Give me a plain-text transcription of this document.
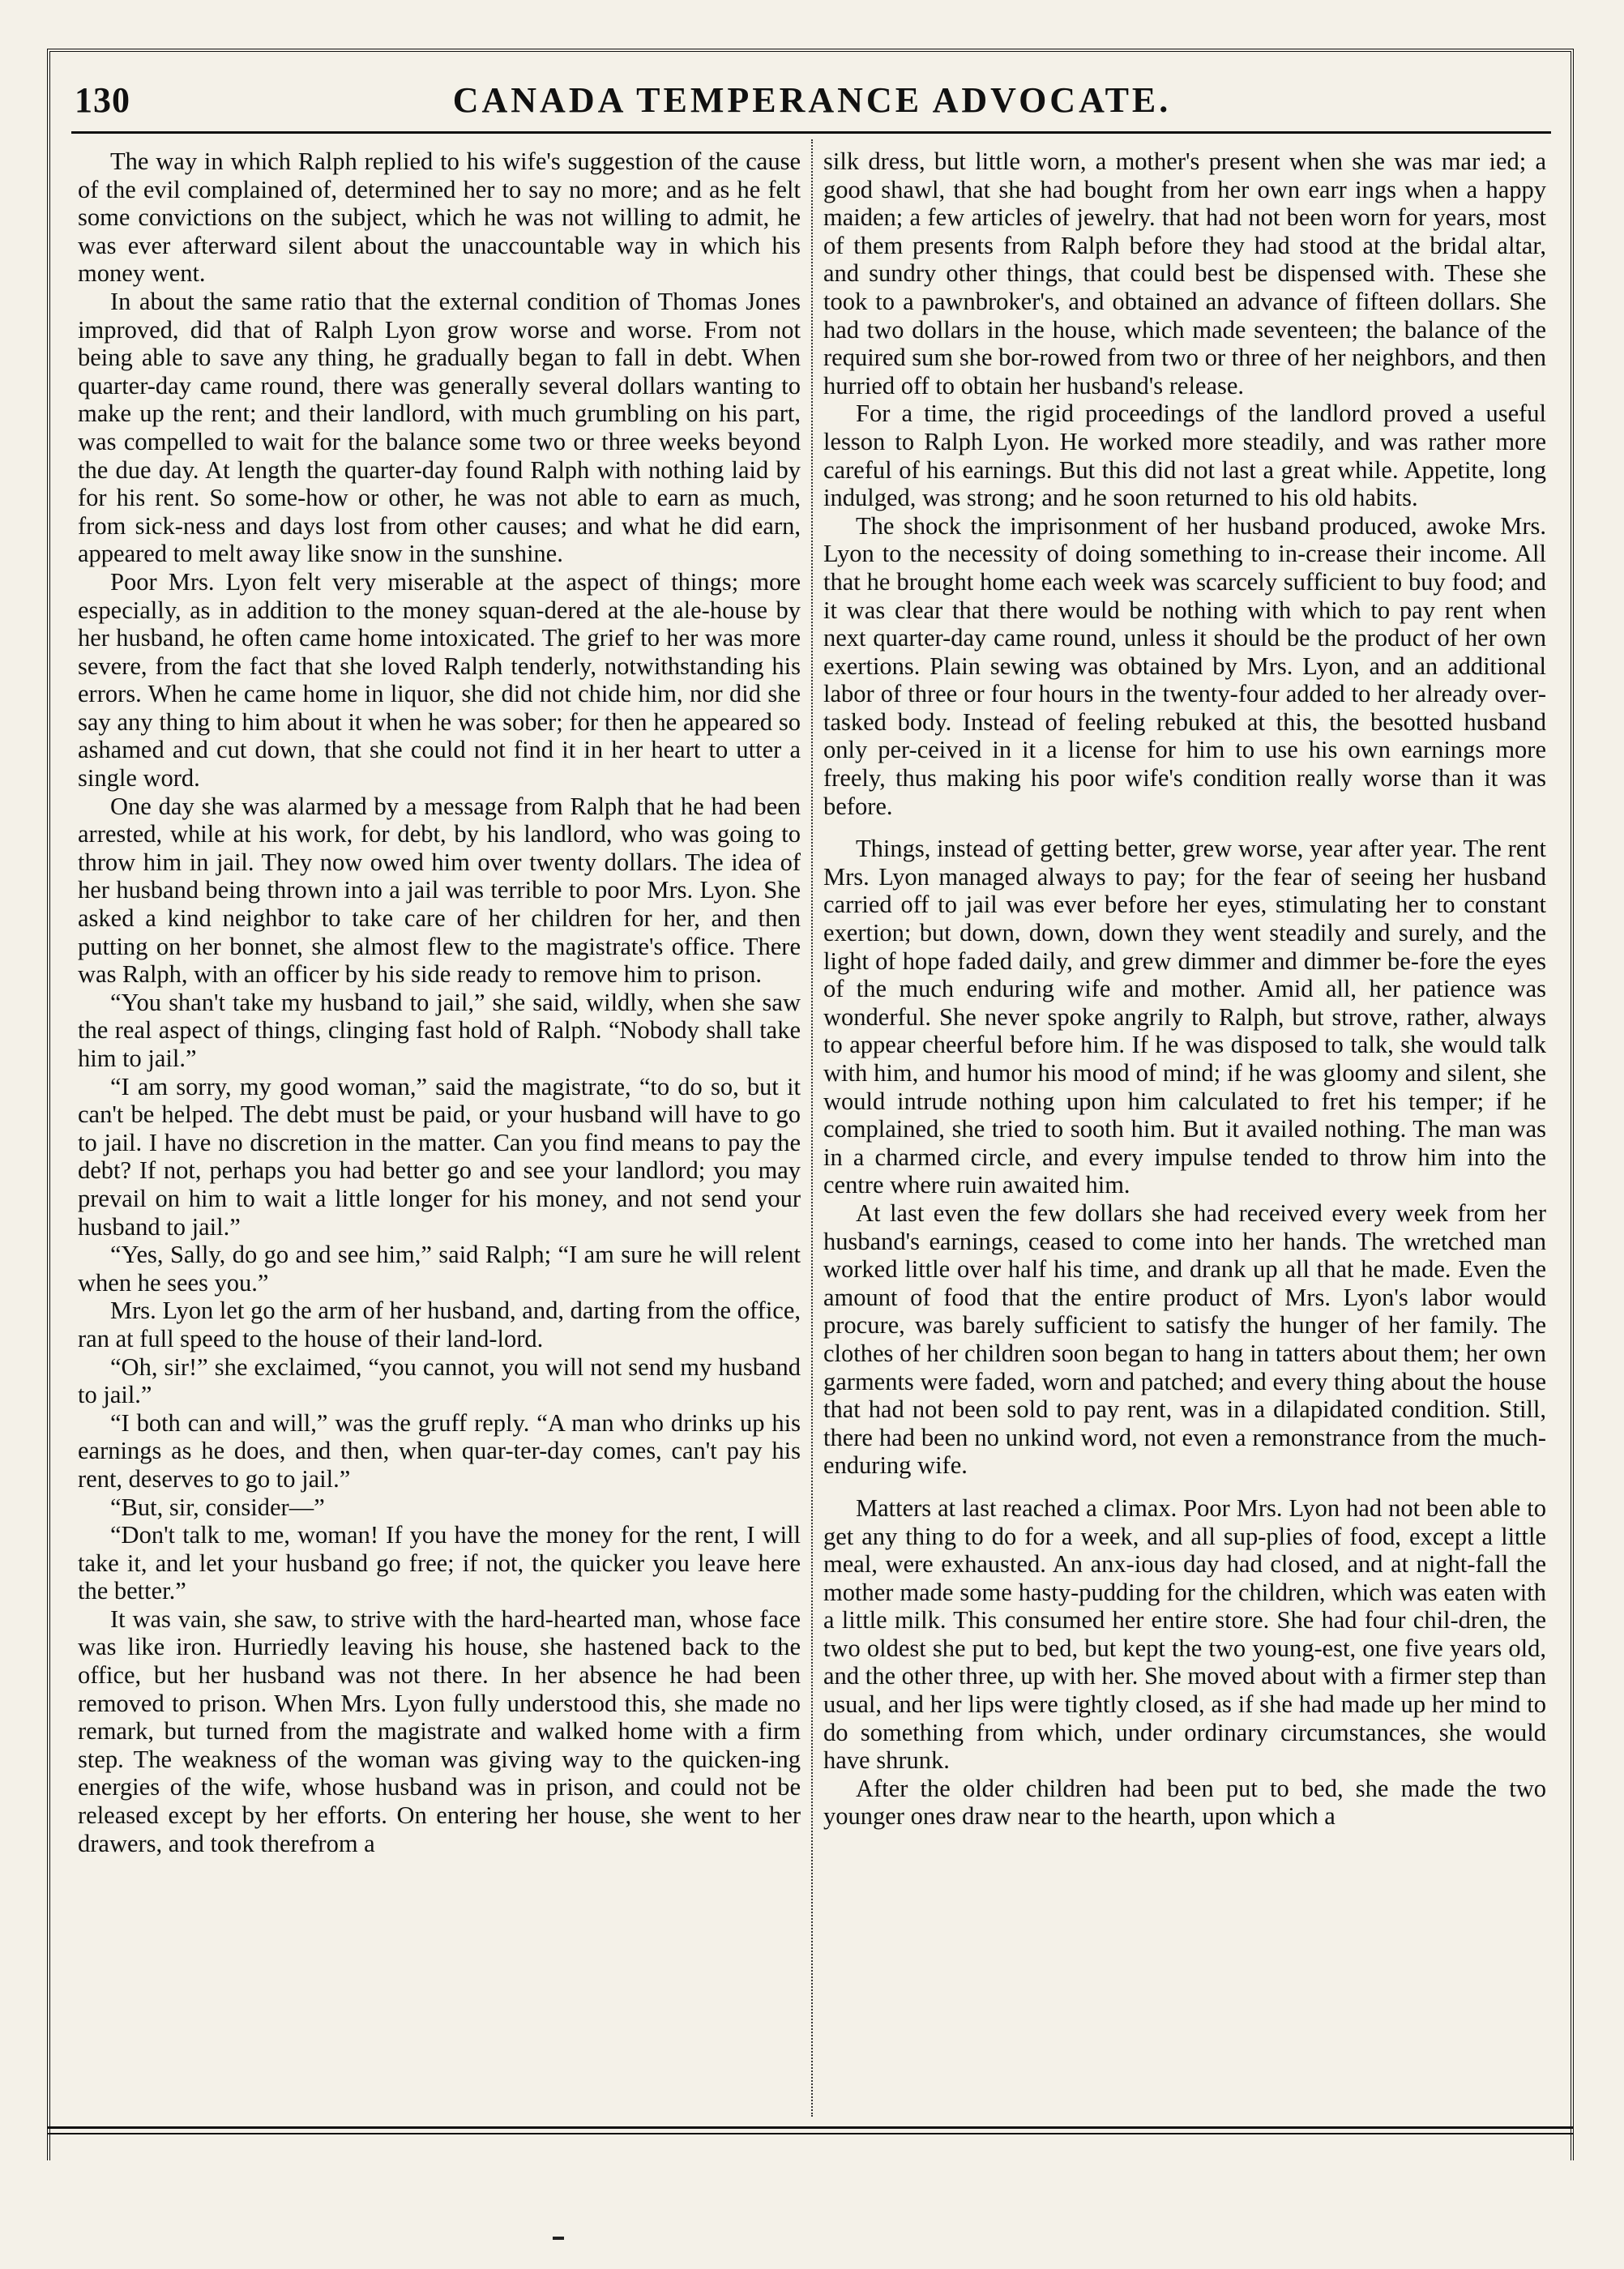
130	CANADA TEMPERANCE ADVOCATE.

The way in which Ralph replied to his wife's suggestion of the cause of the evil complained of, determined her to say no more; and as he felt some convictions on the subject, which he was not willing to admit, he was ever afterward silent about the unaccountable way in which his money went.

In about the same ratio that the external condition of Thomas Jones improved, did that of Ralph Lyon grow worse and worse. From not being able to save any thing, he gradually began to fall in debt. When quarter-day came round, there was generally several dollars wanting to make up the rent; and their landlord, with much grumbling on his part, was compelled to wait for the balance some two or three weeks beyond the due day. At length the quarter-day found Ralph with nothing laid by for his rent. So some-how or other, he was not able to earn as much, from sick-ness and days lost from other causes; and what he did earn, appeared to melt away like snow in the sunshine.

Poor Mrs. Lyon felt very miserable at the aspect of things; more especially, as in addition to the money squan-dered at the ale-house by her husband, he often came home intoxicated. The grief to her was more severe, from the fact that she loved Ralph tenderly, notwithstanding his errors. When he came home in liquor, she did not chide him, nor did she say any thing to him about it when he was sober; for then he appeared so ashamed and cut down, that she could not find it in her heart to utter a single word.

One day she was alarmed by a message from Ralph that he had been arrested, while at his work, for debt, by his landlord, who was going to throw him in jail. They now owed him over twenty dollars. The idea of her husband being thrown into a jail was terrible to poor Mrs. Lyon. She asked a kind neighbor to take care of her children for her, and then putting on her bonnet, she almost flew to the magistrate's office. There was Ralph, with an officer by his side ready to remove him to prison.

“You shan't take my husband to jail,” she said, wildly, when she saw the real aspect of things, clinging fast hold of Ralph. “Nobody shall take him to jail.”

“I am sorry, my good woman,” said the magistrate, “to do so, but it can't be helped. The debt must be paid, or your husband will have to go to jail. I have no discretion in the matter. Can you find means to pay the debt? If not, perhaps you had better go and see your landlord; you may prevail on him to wait a little longer for his money, and not send your husband to jail.”

“Yes, Sally, do go and see him,” said Ralph; “I am sure he will relent when he sees you.”

Mrs. Lyon let go the arm of her husband, and, darting from the office, ran at full speed to the house of their land-lord.

“Oh, sir!” she exclaimed, “you cannot, you will not send my husband to jail.”

“I both can and will,” was the gruff reply. “A man who drinks up his earnings as he does, and then, when quar-ter-day comes, can't pay his rent, deserves to go to jail.”

“But, sir, consider—”

“Don't talk to me, woman! If you have the money for the rent, I will take it, and let your husband go free; if not, the quicker you leave here the better.”

It was vain, she saw, to strive with the hard-hearted man, whose face was like iron. Hurriedly leaving his house, she hastened back to the office, but her husband was not there. In her absence he had been removed to prison. When Mrs. Lyon fully understood this, she made no remark, but turned from the magistrate and walked home with a firm step. The weakness of the woman was giving way to the quicken-ing energies of the wife, whose husband was in prison, and could not be released except by her efforts. On entering her house, she went to her drawers, and took therefrom a

silk dress, but little worn, a mother's present when she was mar ied; a good shawl, that she had bought from her own earr ings when a happy maiden; a few articles of jewelry. that had not been worn for years, most of them presents from Ralph before they had stood at the bridal altar, and sundry other things, that could best be dispensed with. These she took to a pawnbroker's, and obtained an advance of fifteen dollars. She had two dollars in the house, which made seventeen; the balance of the required sum she bor-rowed from two or three of her neighbors, and then hurried off to obtain her husband's release.

For a time, the rigid proceedings of the landlord proved a useful lesson to Ralph Lyon. He worked more steadily, and was rather more careful of his earnings. But this did not last a great while. Appetite, long indulged, was strong; and he soon returned to his old habits.

The shock the imprisonment of her husband produced, awoke Mrs. Lyon to the necessity of doing something to in-crease their income. All that he brought home each week was scarcely sufficient to buy food; and it was clear that there would be nothing with which to pay rent when next quarter-day came round, unless it should be the product of her own exertions. Plain sewing was obtained by Mrs. Lyon, and an additional labor of three or four hours in the twenty-four added to her already over-tasked body. Instead of feeling rebuked at this, the besotted husband only per-ceived in it a license for him to use his own earnings more freely, thus making his poor wife's condition really worse than it was before.

Things, instead of getting better, grew worse, year after year. The rent Mrs. Lyon managed always to pay; for the fear of seeing her husband carried off to jail was ever before her eyes, stimulating her to constant exertion; but down, down, down they went steadily and surely, and the light of hope faded daily, and grew dimmer and dimmer be-fore the eyes of the much enduring wife and mother. Amid all, her patience was wonderful. She never spoke angrily to Ralph, but strove, rather, always to appear cheerful before him. If he was disposed to talk, she would talk with him, and humor his mood of mind; if he was gloomy and silent, she would intrude nothing upon him calculated to fret his temper; if he complained, she tried to sooth him. But it availed nothing. The man was in a charmed circle, and every impulse tended to throw him into the centre where ruin awaited him.

At last even the few dollars she had received every week from her husband's earnings, ceased to come into her hands. The wretched man worked little over half his time, and drank up all that he made. Even the amount of food that the entire product of Mrs. Lyon's labor would procure, was barely sufficient to satisfy the hunger of her family. The clothes of her children soon began to hang in tatters about them; her own garments were faded, worn and patched; and every thing about the house that had not been sold to pay rent, was in a dilapidated condition. Still, there had been no unkind word, not even a remonstrance from the much-enduring wife.

Matters at last reached a climax. Poor Mrs. Lyon had not been able to get any thing to do for a week, and all sup-plies of food, except a little meal, were exhausted. An anx-ious day had closed, and at night-fall the mother made some hasty-pudding for the children, which was eaten with a little milk. This consumed her entire store. She had four chil-dren, the two oldest she put to bed, but kept the two young-est, one five years old, and the other three, up with her. She moved about with a firmer step than usual, and her lips were tightly closed, as if she had made up her mind to do something from which, under ordinary circumstances, she would have shrunk.

After the older children had been put to bed, she made the two younger ones draw near to the hearth, upon which a
